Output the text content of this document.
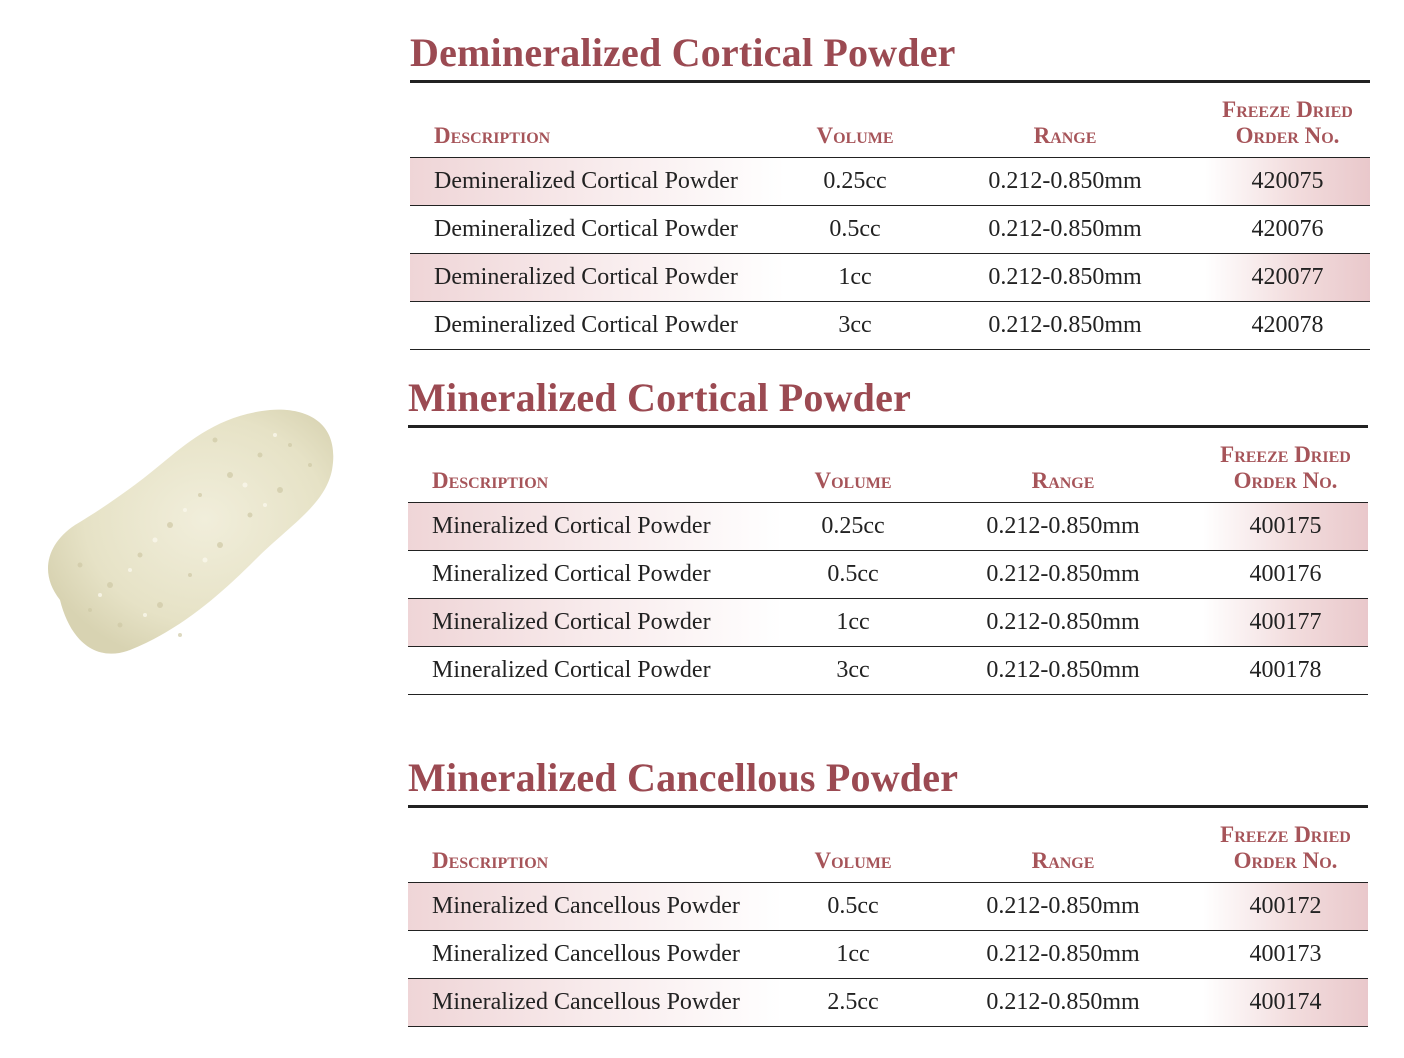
Demineralized Cortical Powder
Description	Volume	Range	Freeze Dried
Order No.
Demineralized Cortical Powder	0.25cc	0.212-0.850mm	420075
Demineralized Cortical Powder	0.5cc	0.212-0.850mm	420076
Demineralized Cortical Powder	1cc	0.212-0.850mm	420077
Demineralized Cortical Powder	3cc	0.212-0.850mm	420078
Mineralized Cortical Powder
Description	Volume	Range	Freeze Dried
Order No.
Mineralized Cortical Powder	0.25cc	0.212-0.850mm	400175
Mineralized Cortical Powder	0.5cc	0.212-0.850mm	400176
Mineralized Cortical Powder	1cc	0.212-0.850mm	400177
Mineralized Cortical Powder	3cc	0.212-0.850mm	400178
Mineralized Cancellous Powder
Description	Volume	Range	Freeze Dried
Order No.
Mineralized Cancellous Powder	0.5cc	0.212-0.850mm	400172
Mineralized Cancellous Powder	1cc	0.212-0.850mm	400173
Mineralized Cancellous Powder	2.5cc	0.212-0.850mm	400174
